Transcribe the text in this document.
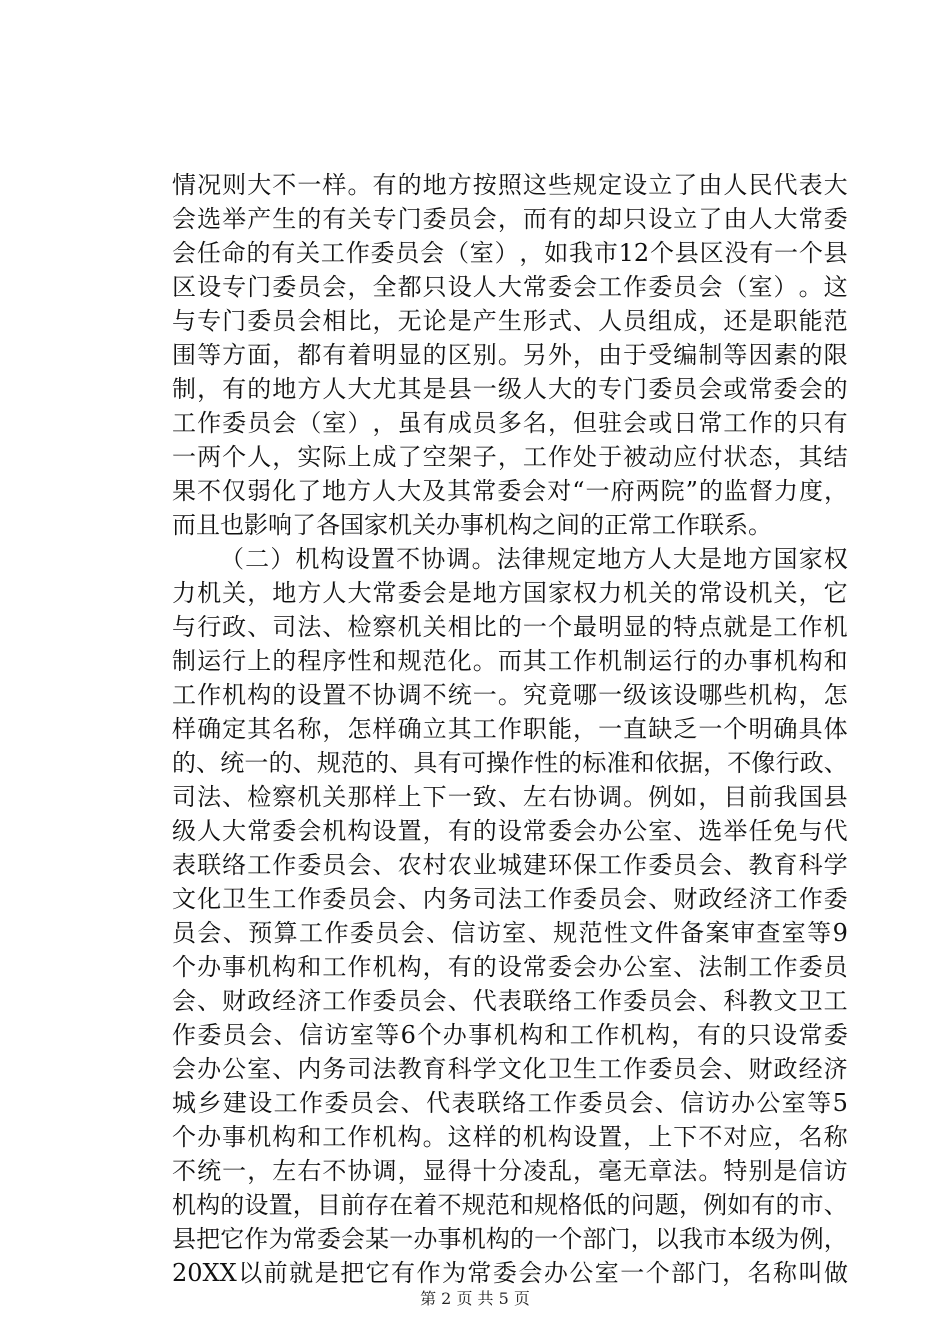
情 况 则 大 不 一 样 。 有 的 地 方 按 照 这 些 规 定 设 立 了 由 人 民 代 表 大
会 选 举 产 生 的 有 关 专 门 委 员 会 ， 而 有 的 却 只 设 立 了 由 人 大 常 委
会 任 命 的 有 关 工 作 委 员 会 （ 室 ） ， 如 我 市 12 个 县 区 没 有 一 个 县
区 设 专 门 委 员 会 ， 全 都 只 设 人 大 常 委 会 工 作 委 员 会 （ 室 ） 。 这
与 专 门 委 员 会 相 比 ， 无 论 是 产 生 形 式 、 人 员 组 成 ， 还 是 职 能 范
围 等 方 面 ， 都 有 着 明 显 的 区 别 。 另 外 ， 由 于 受 编 制 等 因 素 的 限
制 ， 有 的 地 方 人 大 尤 其 是 县 一 级 人 大 的 专 门 委 员 会 或 常 委 会 的
工 作 委 员 会 （ 室 ） ， 虽 有 成 员 多 名 ， 但 驻 会 或 日 常 工 作 的 只 有
一 两 个 人 ， 实 际 上 成 了 空 架 子 ， 工 作 处 于 被 动 应 付 状 态 ， 其 结
果 不 仅 弱 化 了 地 方 人 大 及 其 常 委 会 对 “ 一 府 两 院 ” 的 监 督 力 度 ，
而且也影响了各国家机关办事机构之间的正常工作联系。
（ 二 ） 机 构 设 置 不 协 调 。 法 律 规 定 地 方 人 大 是 地 方 国 家 权
力 机 关 ， 地 方 人 大 常 委 会 是 地 方 国 家 权 力 机 关 的 常 设 机 关 ， 它
与 行 政 、 司 法 、 检 察 机 关 相 比 的 一 个 最 明 显 的 特 点 就 是 工 作 机
制 运 行 上 的 程 序 性 和 规 范 化 。 而 其 工 作 机 制 运 行 的 办 事 机 构 和
工 作 机 构 的 设 置 不 协 调 不 统 一 。 究 竟 哪 一 级 该 设 哪 些 机 构 ， 怎
样 确 定 其 名 称 ， 怎 样 确 立 其 工 作 职 能 ， 一 直 缺 乏 一 个 明 确 具 体
的 、 统 一 的 、 规 范 的 、 具 有 可 操 作 性 的 标 准 和 依 据 ， 不 像 行 政 、
司 法 、 检 察 机 关 那 样 上 下 一 致 、 左 右 协 调 。 例 如 ， 目 前 我 国 县
级 人 大 常 委 会 机 构 设 置 ， 有 的 设 常 委 会 办 公 室 、 选 举 任 免 与 代
表 联 络 工 作 委 员 会 、 农 村 农 业 城 建 环 保 工 作 委 员 会 、 教 育 科 学
文 化 卫 生 工 作 委 员 会 、 内 务 司 法 工 作 委 员 会 、 财 政 经 济 工 作 委
员 会 、 预 算 工 作 委 员 会 、 信 访 室 、 规 范 性 文 件 备 案 审 查 室 等 9
个 办 事 机 构 和 工 作 机 构 ， 有 的 设 常 委 会 办 公 室 、 法 制 工 作 委 员
会 、 财 政 经 济 工 作 委 员 会 、 代 表 联 络 工 作 委 员 会 、 科 教 文 卫 工
作 委 员 会 、 信 访 室 等 6 个 办 事 机 构 和 工 作 机 构 ， 有 的 只 设 常 委
会 办 公 室 、 内 务 司 法 教 育 科 学 文 化 卫 生 工 作 委 员 会 、 财 政 经 济
城 乡 建 设 工 作 委 员 会 、 代 表 联 络 工 作 委 员 会 、 信 访 办 公 室 等 5
个 办 事 机 构 和 工 作 机 构 。 这 样 的 机 构 设 置 ， 上 下 不 对 应 ， 名 称
不 统 一 ， 左 右 不 协 调 ， 显 得 十 分 凌 乱 ， 毫 无 章 法 。 特 别 是 信 访
机 构 的 设 置 ， 目 前 存 在 着 不 规 范 和 规 格 低 的 问 题 ， 例 如 有 的 市 、
县 把 它 作 为 常 委 会 某 一 办 事 机 构 的 一 个 部 门 ， 以 我 市 本 级 为 例 ，
20XX 以 前 就 是 把 它 有 作 为 常 委 会 办 公 室 一 个 部 门 ， 名 称 叫 做
第 2 页 共 5 页
